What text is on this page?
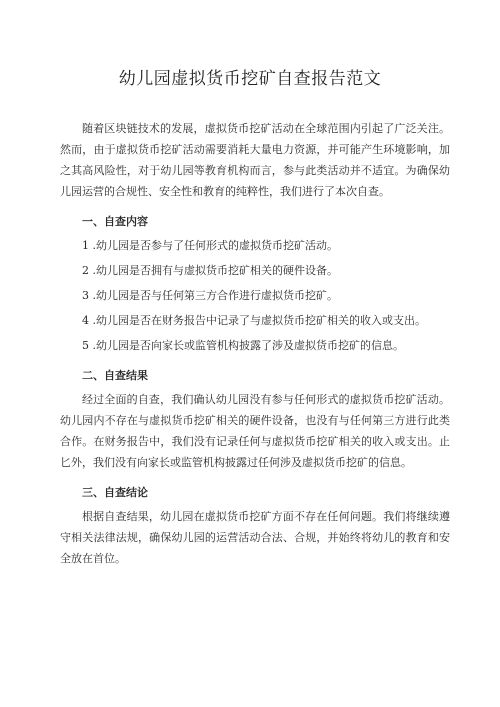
幼儿园虚拟货币挖矿自查报告范文

随着区块链技术的发展，虚拟货币挖矿活动在全球范围内引起了广泛关注。然而，由于虚拟货币挖矿活动需要消耗大量电力资源，并可能产生环境影响，加之其高风险性，对于幼儿园等教育机构而言，参与此类活动并不适宜。为确保幼儿园运营的合规性、安全性和教育的纯粹性，我们进行了本次自查。

一、自查内容
1 .幼儿园是否参与了任何形式的虚拟货币挖矿活动。
2 .幼儿园是否拥有与虚拟货币挖矿相关的硬件设备。
3 .幼儿园是否与任何第三方合作进行虚拟货币挖矿。
4 .幼儿园是否在财务报告中记录了与虚拟货币挖矿相关的收入或支出。
5 .幼儿园是否向家长或监管机构披露了涉及虚拟货币挖矿的信息。
二、自查结果

经过全面的自查，我们确认幼儿园没有参与任何形式的虚拟货币挖矿活动。幼儿园内不存在与虚拟货币挖矿相关的硬件设备，也没有与任何第三方进行此类合作。在财务报告中，我们没有记录任何与虚拟货币挖矿相关的收入或支出。止匕外，我们没有向家长或监管机构披露过任何涉及虚拟货币挖矿的信息。

三、自查结论

根据自查结果，幼儿园在虚拟货币挖矿方面不存在任何问题。我们将继续遵守相关法律法规，确保幼儿园的运营活动合法、合规，并始终将幼儿的教育和安全放在首位。
